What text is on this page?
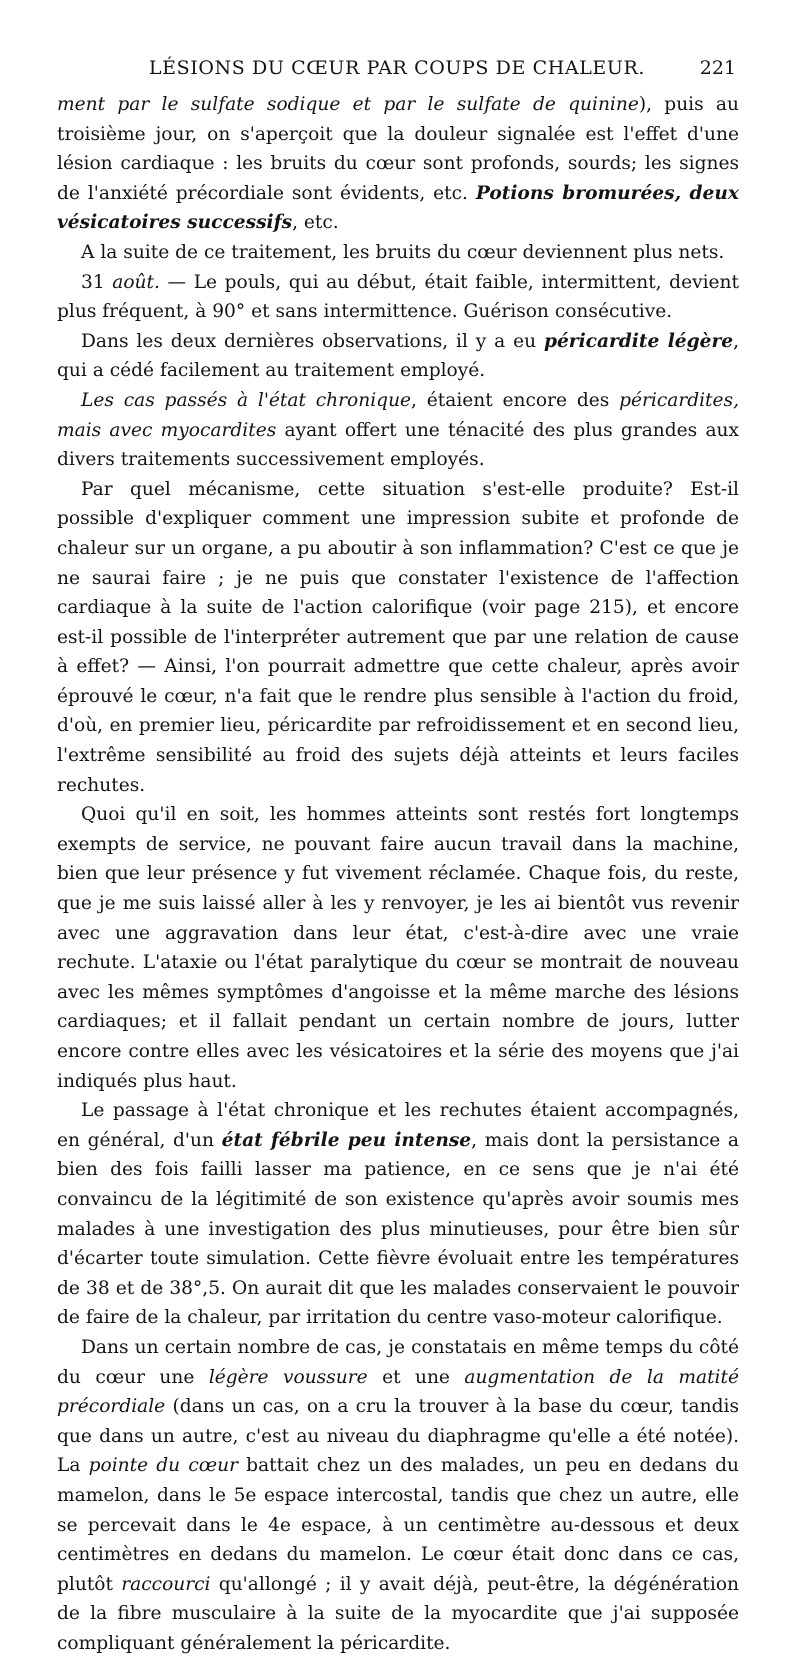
LÉSIONS DU CŒUR PAR COUPS DE CHALEUR.	221

ment par le sulfate sodique et par le sulfate de quinine), puis au troisième jour, on s'aperçoit que la douleur signalée est l'effet d'une lésion cardiaque : les bruits du cœur sont profonds, sourds; les signes de l'anxiété précordiale sont évidents, etc. Potions bromurées, deux vésicatoires successifs, etc.

A la suite de ce traitement, les bruits du cœur deviennent plus nets.

31 août. — Le pouls, qui au début, était faible, intermittent, devient plus fréquent, à 90° et sans intermittence. Guérison consécutive.

Dans les deux dernières observations, il y a eu péricardite légère, qui a cédé facilement au traitement employé.

Les cas passés à l'état chronique, étaient encore des péricardites, mais avec myocardites ayant offert une ténacité des plus grandes aux divers traitements successivement employés.

Par quel mécanisme, cette situation s'est-elle produite? Est-il possible d'expliquer comment une impression subite et profonde de chaleur sur un organe, a pu aboutir à son inflammation? C'est ce que je ne saurai faire ; je ne puis que constater l'existence de l'affection cardiaque à la suite de l'action calorifique (voir page 215), et encore est-il possible de l'interpréter autrement que par une relation de cause à effet? — Ainsi, l'on pourrait admettre que cette chaleur, après avoir éprouvé le cœur, n'a fait que le rendre plus sensible à l'action du froid, d'où, en premier lieu, péricardite par refroidissement et en second lieu, l'extrême sensibilité au froid des sujets déjà atteints et leurs faciles rechutes.

Quoi qu'il en soit, les hommes atteints sont restés fort longtemps exempts de service, ne pouvant faire aucun travail dans la machine, bien que leur présence y fut vivement réclamée. Chaque fois, du reste, que je me suis laissé aller à les y renvoyer, je les ai bientôt vus revenir avec une aggravation dans leur état, c'est-à-dire avec une vraie rechute. L'ataxie ou l'état paralytique du cœur se montrait de nouveau avec les mêmes symptômes d'angoisse et la même marche des lésions cardiaques; et il fallait pendant un certain nombre de jours, lutter encore contre elles avec les vésicatoires et la série des moyens que j'ai indiqués plus haut.

Le passage à l'état chronique et les rechutes étaient accompagnés, en général, d'un état fébrile peu intense, mais dont la persistance a bien des fois failli lasser ma patience, en ce sens que je n'ai été convaincu de la légitimité de son existence qu'après avoir soumis mes malades à une investigation des plus minutieuses, pour être bien sûr d'écarter toute simulation. Cette fièvre évoluait entre les températures de 38 et de 38°,5. On aurait dit que les malades conservaient le pouvoir de faire de la chaleur, par irritation du centre vaso-moteur calorifique.

Dans un certain nombre de cas, je constatais en même temps du côté du cœur une légère voussure et une augmentation de la matité précordiale (dans un cas, on a cru la trouver à la base du cœur, tandis que dans un autre, c'est au niveau du diaphragme qu'elle a été notée). La pointe du cœur battait chez un des malades, un peu en dedans du mamelon, dans le 5e espace intercostal, tandis que chez un autre, elle se percevait dans le 4e espace, à un centimètre au-dessous et deux centimètres en dedans du mamelon. Le cœur était donc dans ce cas, plutôt raccourci qu'allongé ; il y avait déjà, peut-être, la dégénération de la fibre musculaire à la suite de la myocardite que j'ai supposée compliquant généralement la péricardite.
